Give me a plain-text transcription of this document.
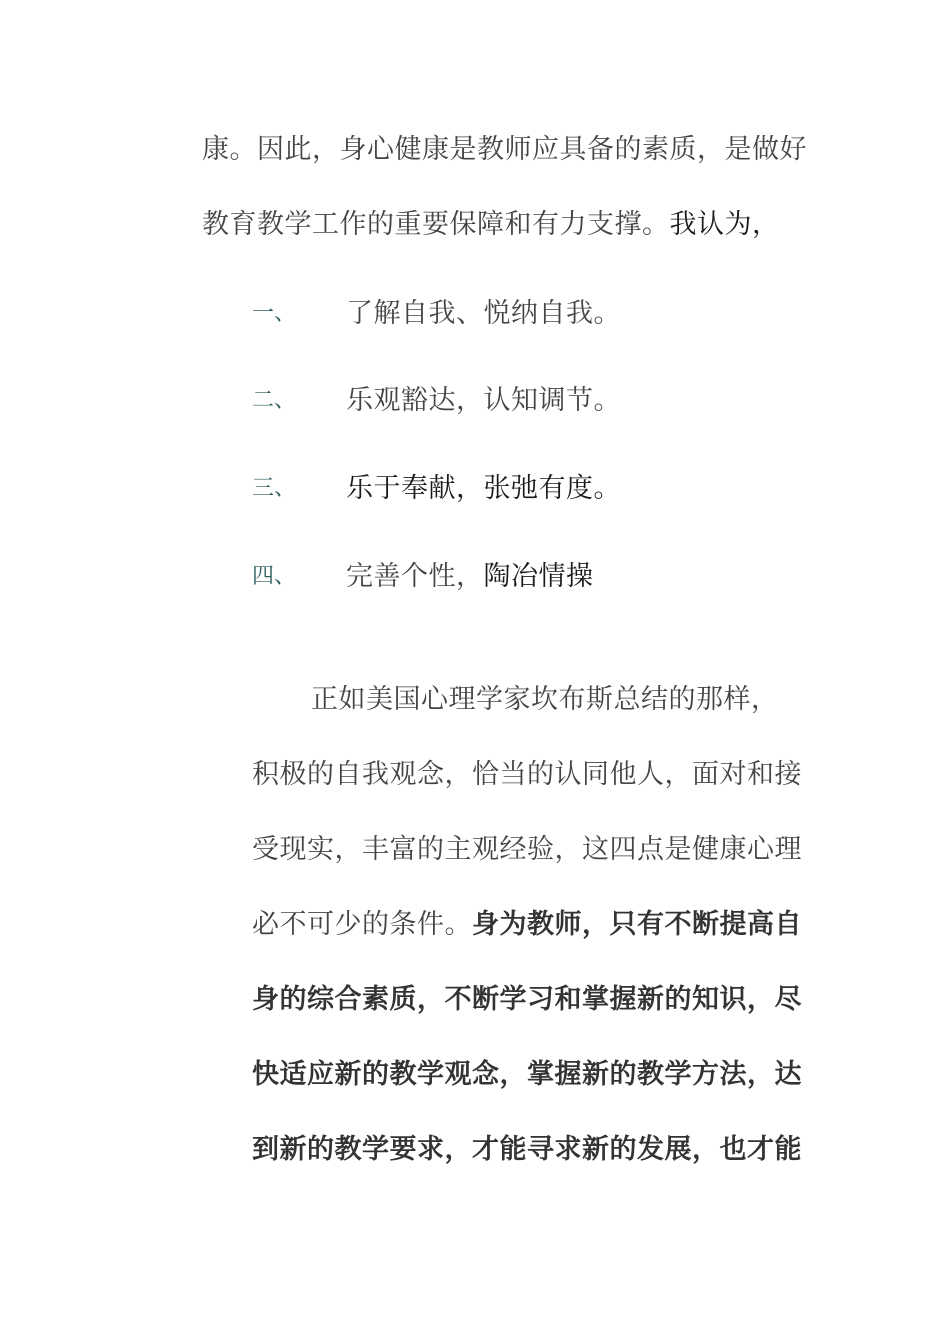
康。因此，身心健康是教师应具备的素质，是做好
教育教学工作的重要保障和有力支撑。我认为，
一、 了解自我、悦纳自我。
二、 乐观豁达，认知调节。
三、 乐于奉献，张弛有度。
四、 完善个性，陶冶情操
正如美国心理学家坎布斯总结的那样，
积极的自我观念，恰当的认同他人，面对和接
受现实，丰富的主观经验，这四点是健康心理
必不可少的条件。身为教师，只有不断提高自
身的综合素质，不断学习和掌握新的知识，尽
快适应新的教学观念，掌握新的教学方法，达
到新的教学要求，才能寻求新的发展，也才能
